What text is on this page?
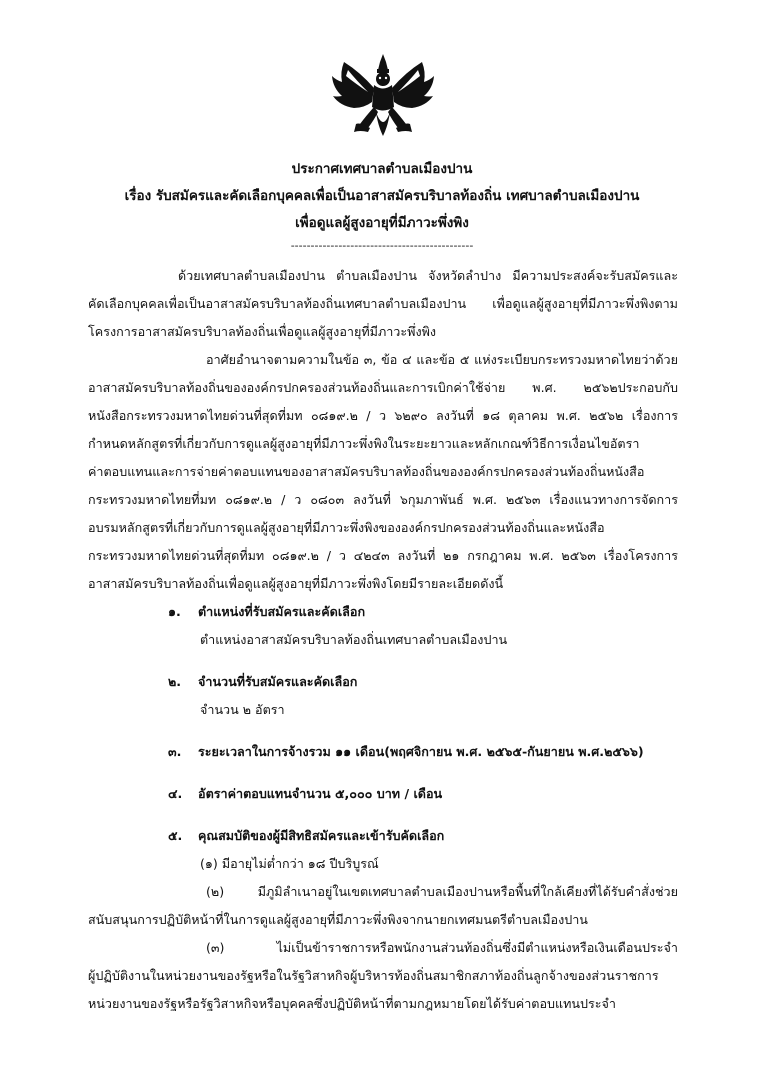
ประกาศเทศบาลตำบลเมืองปาน
เรื่อง รับสมัครและคัดเลือกบุคคลเพื่อเป็นอาสาสมัครบริบาลท้องถิ่น เทศบาลตำบลเมืองปาน
เพื่อดูแลผู้สูงอายุที่มีภาวะพึ่งพิง
----------------------------------------------
ด้วยเทศบาลตำบลเมืองปาน ตำบลเมืองปาน จังหวัดลำปาง มีความประสงค์จะรับสมัครและ
คัดเลือกบุคคลเพื่อเป็นอาสาสมัครบริบาลท้องถิ่นเทศบาลตำบลเมืองปาน เพื่อดูแลผู้สูงอายุที่มีภาวะพึ่งพิงตาม
โครงการอาสาสมัครบริบาลท้องถิ่นเพื่อดูแลผู้สูงอายุที่มีภาวะพึ่งพิง
อาศัยอำนาจตามความในข้อ ๓, ข้อ ๔ และข้อ ๕ แห่งระเบียบกระทรวงมหาดไทยว่าด้วย
อาสาสมัครบริบาลท้องถิ่นขององค์กรปกครองส่วนท้องถิ่นและการเบิกค่าใช้จ่าย พ.ศ. ๒๕๖๒ประกอบกับ
หนังสือกระทรวงมหาดไทยด่วนที่สุดที่มท ๐๘๑๙.๒ / ว ๖๒๙๐ ลงวันที่ ๑๘ ตุลาคม พ.ศ. ๒๕๖๒ เรื่องการ
กำหนดหลักสูตรที่เกี่ยวกับการดูแลผู้สูงอายุที่มีภาวะพึ่งพิงในระยะยาวและหลักเกณฑ์วิธีการเงื่อนไขอัตรา
ค่าตอบแทนและการจ่ายค่าตอบแทนของอาสาสมัครบริบาลท้องถิ่นขององค์กรปกครองส่วนท้องถิ่นหนังสือ
กระทรวงมหาดไทยที่มท ๐๘๑๙.๒ / ว ๐๘๐๓ ลงวันที่ ๖กุมภาพันธ์ พ.ศ. ๒๕๖๓ เรื่องแนวทางการจัดการ
อบรมหลักสูตรที่เกี่ยวกับการดูแลผู้สูงอายุที่มีภาวะพึ่งพิงขององค์กรปกครองส่วนท้องถิ่นและหนังสือ
กระทรวงมหาดไทยด่วนที่สุดที่มท ๐๘๑๙.๒ / ว ๔๒๔๓ ลงวันที่ ๒๑ กรกฎาคม พ.ศ. ๒๕๖๓ เรื่องโครงการ
อาสาสมัครบริบาลท้องถิ่นเพื่อดูแลผู้สูงอายุที่มีภาวะพึ่งพิงโดยมีรายละเอียดดังนี้
๑. ตำแหน่งที่รับสมัครและคัดเลือก
ตำแหน่งอาสาสมัครบริบาลท้องถิ่นเทศบาลตำบลเมืองปาน
๒. จำนวนที่รับสมัครและคัดเลือก
จำนวน ๒ อัตรา
๓. ระยะเวลาในการจ้างรวม ๑๑ เดือน(พฤศจิกายน พ.ศ. ๒๕๖๕-กันยายน พ.ศ.๒๕๖๖)
๔. อัตราค่าตอบแทนจำนวน ๕,๐๐๐ บาท / เดือน
๕. คุณสมบัติของผู้มีสิทธิสมัครและเข้ารับคัดเลือก
(๑) มีอายุไม่ต่ำกว่า ๑๘ ปีบริบูรณ์
(๒) มีภูมิลำเนาอยู่ในเขตเทศบาลตำบลเมืองปานหรือพื้นที่ใกล้เคียงที่ได้รับคำสั่งช่วย
สนับสนุนการปฏิบัติหน้าที่ในการดูแลผู้สูงอายุที่มีภาวะพึ่งพิงจากนายกเทศมนตรีตำบลเมืองปาน
(๓) ไม่เป็นข้าราชการหรือพนักงานส่วนท้องถิ่นซึ่งมีตำแหน่งหรือเงินเดือนประจำ
ผู้ปฏิบัติงานในหน่วยงานของรัฐหรือในรัฐวิสาหกิจผู้บริหารท้องถิ่นสมาชิกสภาท้องถิ่นลูกจ้างของส่วนราชการ
หน่วยงานของรัฐหรือรัฐวิสาหกิจหรือบุคคลซึ่งปฏิบัติหน้าที่ตามกฎหมายโดยได้รับค่าตอบแทนประจำ
